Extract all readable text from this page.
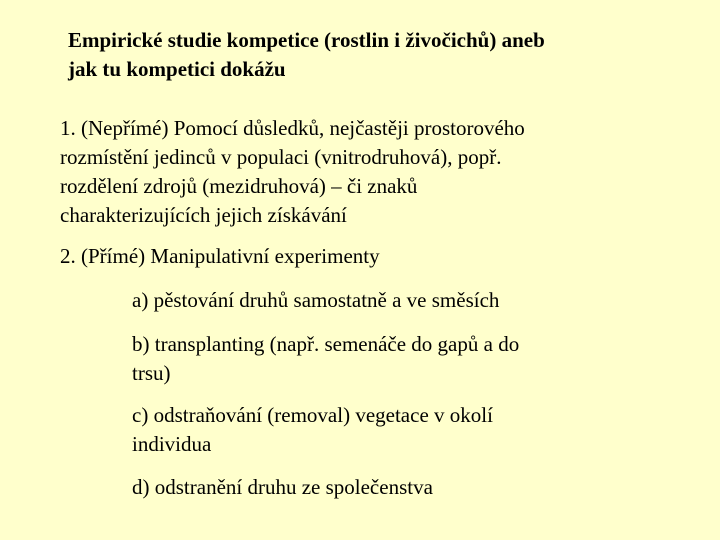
Empirické studie kompetice (rostlin i živočichů) aneb
jak tu kompetici dokážu
1. (Nepřímé) Pomocí důsledků, nejčastěji prostorového
rozmístění jedinců v populaci (vnitrodruhová), popř.
rozdělení zdrojů (mezidruhová) – či znaků
charakterizujících jejich získávání
2. (Přímé) Manipulativní experimenty
a) pěstování druhů samostatně a ve směsích
b) transplanting (např. semenáče do gapů a do
trsu)
c) odstraňování (removal) vegetace v okolí
individua
d) odstranění druhu ze společenstva
